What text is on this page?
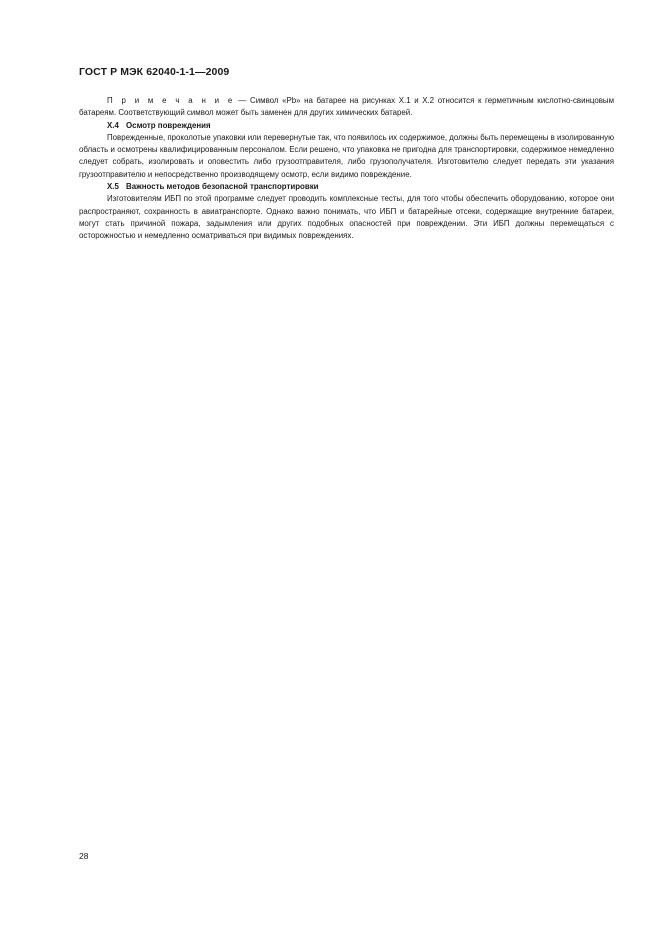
ГОСТ Р МЭК 62040-1-1—2009

П р и м е ч а н и е — Символ «Pb» на батарее на рисунках X.1 и X.2 относится к герметичным кислотно-свинцовым батареям. Соответствующий символ может быть заменен для других химических батарей.

X.4 Осмотр повреждения

Поврежденные, проколотые упаковки или перевернутые так, что появилось их содержимое, должны быть перемещены в изолированную область и осмотрены квалифицированным персоналом. Если решено, что упаковка не пригодна для транспортировки, содержимое немедленно следует собрать, изолировать и оповестить либо грузоотправителя, либо грузополучателя. Изготовителю следует передать эти указания грузоотправителю и непосредственно производящему осмотр, если видимо повреждение.

X.5 Важность методов безопасной транспортировки

Изготовителям ИБП по этой программе следует проводить комплексные тесты, для того чтобы обеспечить оборудованию, которое они распространяют, сохранность в авиатранспорте. Однако важно понимать, что ИБП и батарейные отсеки, содержащие внутренние батареи, могут стать причиной пожара, задымления или других подобных опасностей при повреждении. Эти ИБП должны перемещаться с осторожностью и немедленно осматриваться при видимых повреждениях.

28
